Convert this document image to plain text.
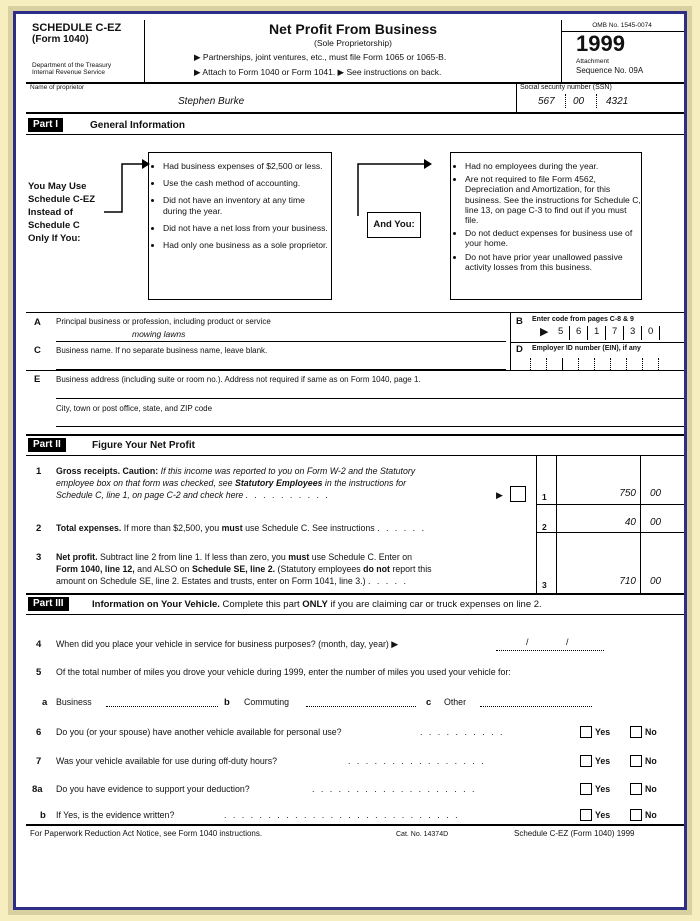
SCHEDULE C-EZ
(Form 1040)
Department of the Treasury
Internal Revenue Service
Net Profit From Business
(Sole Proprietorship)
▶ Partnerships, joint ventures, etc., must file Form 1065 or 1065-B.
▶ Attach to Form 1040 or Form 1041. ▶ See instructions on back.
OMB No. 1545-0074
1999
Attachment
Sequence No. 09A
Name of proprietor
Stephen Burke
Social security number (SSN)
567 00 4321
Part I	General Information
You May Use
Schedule C-EZ
Instead of
Schedule C
Only If You:
• Had business expenses of $2,500 or less.
• Use the cash method of accounting.
• Did not have an inventory at any time during the year.
• Did not have a net loss from your business.
• Had only one business as a sole proprietor.
And You:
• Had no employees during the year.
• Are not required to file Form 4562, Depreciation and Amortization, for this business. See the instructions for Schedule C, line 13, on page C-3 to find out if you must file.
• Do not deduct expenses for business use of your home.
• Do not have prior year unallowed passive activity losses from this business.
A Principal business or profession, including product or service
mowing lawns
B Enter code from pages C-8 & 9
▶ 5 6 1 7 3 0
C Business name. If no separate business name, leave blank.	D Employer ID number (EIN), if any
E Business address (including suite or room no.). Address not required if same as on Form 1040, page 1.
City, town or post office, state, and ZIP code
Part II	Figure Your Net Profit
1 Gross receipts. Caution: If this income was reported to you on Form W-2 and the Statutory
employee box on that form was checked, see Statutory Employees in the instructions for
Schedule C, line 1, on page C-2 and check here . . . . . . . . . .	▶	1	750 00
2 Total expenses. If more than $2,500, you must use Schedule C. See instructions . . . . . .	2	40 00
3 Net profit. Subtract line 2 from line 1. If less than zero, you must use Schedule C. Enter on
Form 1040, line 12, and ALSO on Schedule SE, line 2. (Statutory employees do not report this
amount on Schedule SE, line 2. Estates and trusts, enter on Form 1041, line 3.) . . . . .	3	710 00
Part III	Information on Your Vehicle. Complete this part ONLY if you are claiming car or truck expenses on line 2.
4 When did you place your vehicle in service for business purposes? (month, day, year) ▶	/	/
5 Of the total number of miles you drove your vehicle during 1999, enter the number of miles you used your vehicle for:
a Business	b Commuting	c Other
6 Do you (or your spouse) have another vehicle available for personal use?	. . . . . . . . . .	Yes	No
7 Was your vehicle available for use during off-duty hours?	. . . . . . . . . . . . . . . .	Yes	No
8a Do you have evidence to support your deduction?	. . . . . . . . . . . . . . . . . . .	Yes	No
b If Yes, is the evidence written?	. . . . . . . . . . . . . . . . . . . . . . . . . . .	Yes	No
For Paperwork Reduction Act Notice, see Form 1040 instructions.	Cat. No. 14374D	Schedule C-EZ (Form 1040) 1999
